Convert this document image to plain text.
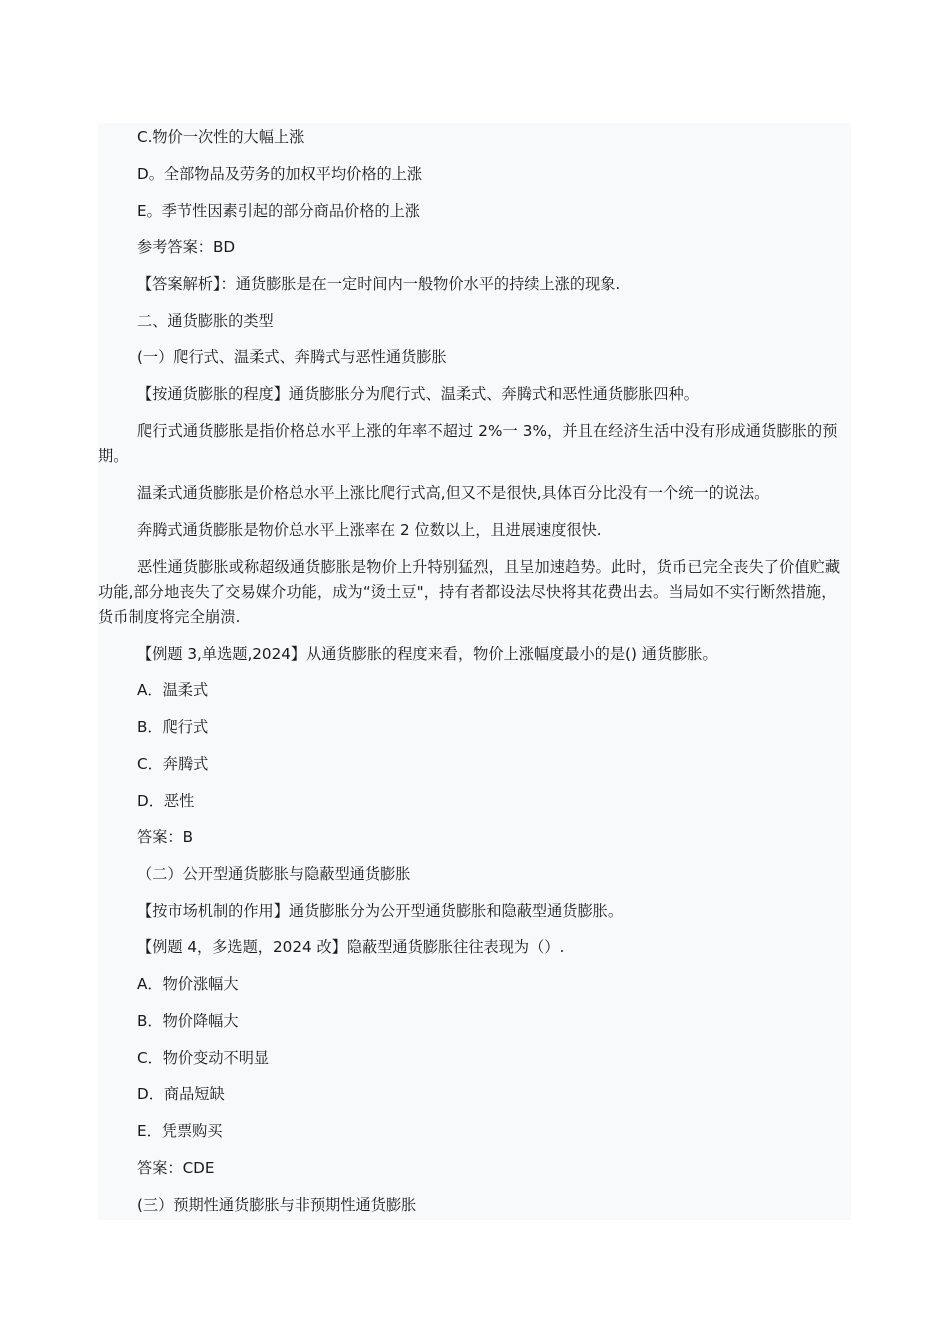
C.物价一次性的大幅上涨
D。全部物品及劳务的加权平均价格的上涨
E。季节性因素引起的部分商品价格的上涨
参考答案：BD
【答案解析】：通货膨胀是在一定时间内一般物价水平的持续上涨的现象.
二、通货膨胀的类型
(一）爬行式、温柔式、奔腾式与恶性通货膨胀
【按通货膨胀的程度】通货膨胀分为爬行式、温柔式、奔腾式和恶性通货膨胀四种。
爬行式通货膨胀是指价格总水平上涨的年率不超过 2%一 3%，并且在经济生活中没有形成通货膨胀的预期。
温柔式通货膨胀是价格总水平上涨比爬行式高,但又不是很快,具体百分比没有一个统一的说法。
奔腾式通货膨胀是物价总水平上涨率在 2 位数以上，且进展速度很快.
恶性通货膨胀或称超级通货膨胀是物价上升特别猛烈，且呈加速趋势。此时，货币已完全丧失了价值贮藏功能,部分地丧失了交易媒介功能，成为“烫土豆"，持有者都设法尽快将其花费出去。当局如不实行断然措施，货币制度将完全崩溃.
【例题 3,单选题,2024】从通货膨胀的程度来看，物价上涨幅度最小的是() 通货膨胀。
A．温柔式
B．爬行式
C．奔腾式
D．恶性
答案：B
（二）公开型通货膨胀与隐蔽型通货膨胀
【按市场机制的作用】通货膨胀分为公开型通货膨胀和隐蔽型通货膨胀。
【例题 4，多选题，2024 改】隐蔽型通货膨胀往往表现为（）.
A．物价涨幅大
B．物价降幅大
C．物价变动不明显
D．商品短缺
E．凭票购买
答案：CDE
(三）预期性通货膨胀与非预期性通货膨胀
